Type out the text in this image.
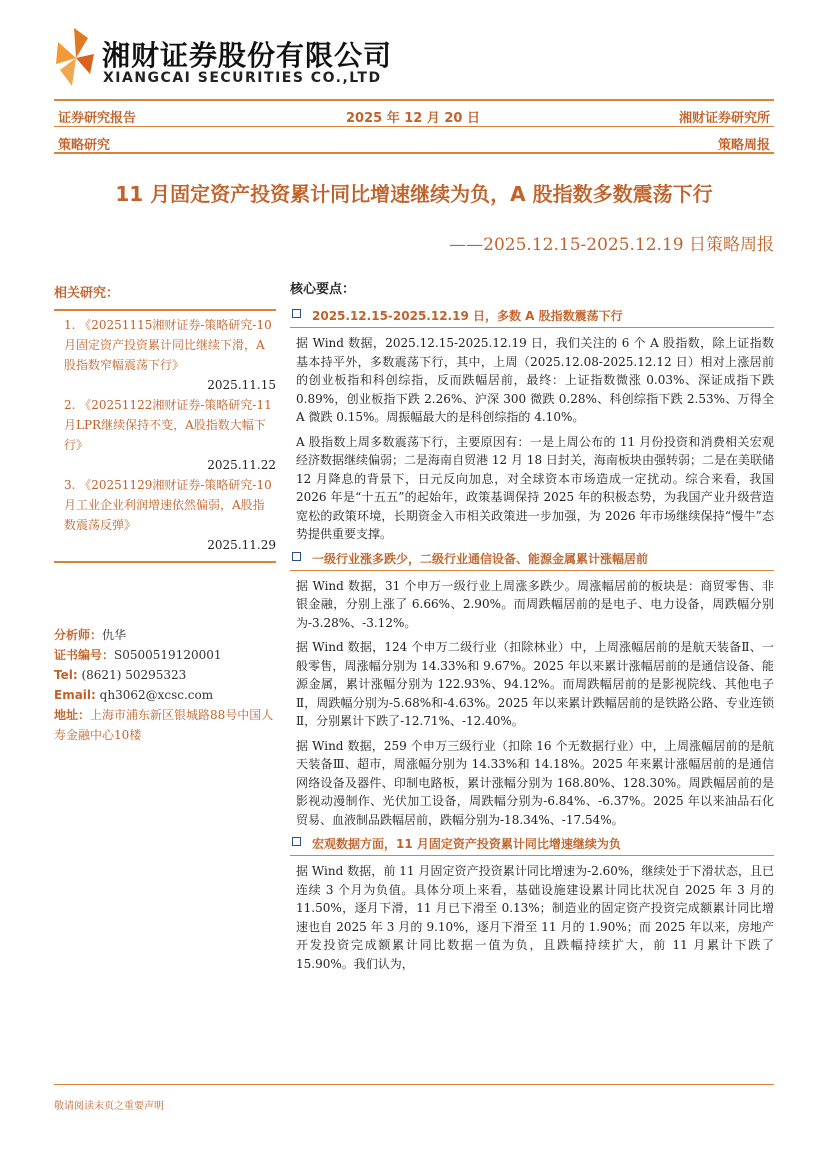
湘财证券股份有限公司
XIANGCAI SECURITIES CO.,LTD
证券研究报告	2025 年 12 月 20 日	湘财证券研究所
策略研究	策略周报
11 月固定资产投资累计同比增速继续为负，A 股指数多数震荡下行
——2025.12.15-2025.12.19 日策略周报
相关研究：
1. 《20251115湘财证券-策略研究-10月固定资产投资累计同比继续下滑，A股指数窄幅震荡下行》
2025.11.15
2. 《20251122湘财证券-策略研究-11月LPR继续保持不变，A股指数大幅下行》
2025.11.22
3. 《20251129湘财证券-策略研究-10月工业企业利润增速依然偏弱，A股指数震荡反弹》
2025.11.29
分析师：仇华
证书编号：S0500519120001
Tel: (8621) 50295323
Email: qh3062@xcsc.com
地址：上海市浦东新区银城路88号中国人寿金融中心10楼
核心要点：
2025.12.15-2025.12.19 日，多数 A 股指数震荡下行

据 Wind 数据，2025.12.15-2025.12.19 日，我们关注的 6 个 A 股指数，除上证指数基本持平外，多数震荡下行，其中，上周（2025.12.08-2025.12.12 日）相对上涨居前的创业板指和科创综指，反而跌幅居前，最终：上证指数微涨 0.03%、深证成指下跌 0.89%，创业板指下跌 2.26%、沪深 300 微跌 0.28%、科创综指下跌 2.53%、万得全 A 微跌 0.15%。周振幅最大的是科创综指的 4.10%。

A 股指数上周多数震荡下行，主要原因有：一是上周公布的 11 月份投资和消费相关宏观经济数据继续偏弱；二是海南自贸港 12 月 18 日封关，海南板块由强转弱；二是在美联储 12 月降息的背景下，日元反向加息，对全球资本市场造成一定扰动。综合来看，我国 2026 年是“十五五”的起始年，政策基调保持 2025 年的积极态势，为我国产业升级营造宽松的政策环境，长期资金入市相关政策进一步加强，为 2026 年市场继续保持“慢牛”态势提供重要支撑。

一级行业涨多跌少，二级行业通信设备、能源金属累计涨幅居前

据 Wind 数据，31 个申万一级行业上周涨多跌少。周涨幅居前的板块是：商贸零售、非银金融，分别上涨了 6.66%、2.90%。而周跌幅居前的是电子、电力设备，周跌幅分别为-3.28%、-3.12%。

据 Wind 数据，124 个申万二级行业（扣除林业）中，上周涨幅居前的是航天装备Ⅱ、一般零售，周涨幅分别为 14.33%和 9.67%。2025 年以来累计涨幅居前的是通信设备、能源金属，累计涨幅分别为 122.93%、94.12%。而周跌幅居前的是影视院线、其他电子Ⅱ，周跌幅分别为-5.68%和-4.63%。2025 年以来累计跌幅居前的是铁路公路、专业连锁Ⅱ，分别累计下跌了-12.71%、-12.40%。

据 Wind 数据，259 个申万三级行业（扣除 16 个无数据行业）中，上周涨幅居前的是航天装备Ⅲ、超市，周涨幅分别为 14.33%和 14.18%。2025 年来累计涨幅居前的是通信网络设备及器件、印制电路板，累计涨幅分别为 168.80%、128.30%。周跌幅居前的是影视动漫制作、光伏加工设备，周跌幅分别为-6.84%、-6.37%。2025 年以来油品石化贸易、血液制品跌幅居前，跌幅分别为-18.34%、-17.54%。

宏观数据方面，11 月固定资产投资累计同比增速继续为负

据 Wind 数据，前 11 月固定资产投资累计同比增速为-2.60%，继续处于下滑状态，且已连续 3 个月为负值。具体分项上来看，基础设施建设累计同比状况自 2025 年 3 月的 11.50%，逐月下滑，11 月已下滑至 0.13%；制造业的固定资产投资完成额累计同比增速也自 2025 年 3 月的 9.10%，逐月下滑至 11 月的 1.90%；而 2025 年以来，房地产开发投资完成额累计同比数据一值为负，且跌幅持续扩大，前 11 月累计下跌了 15.90%。我们认为，

敬请阅读末页之重要声明
